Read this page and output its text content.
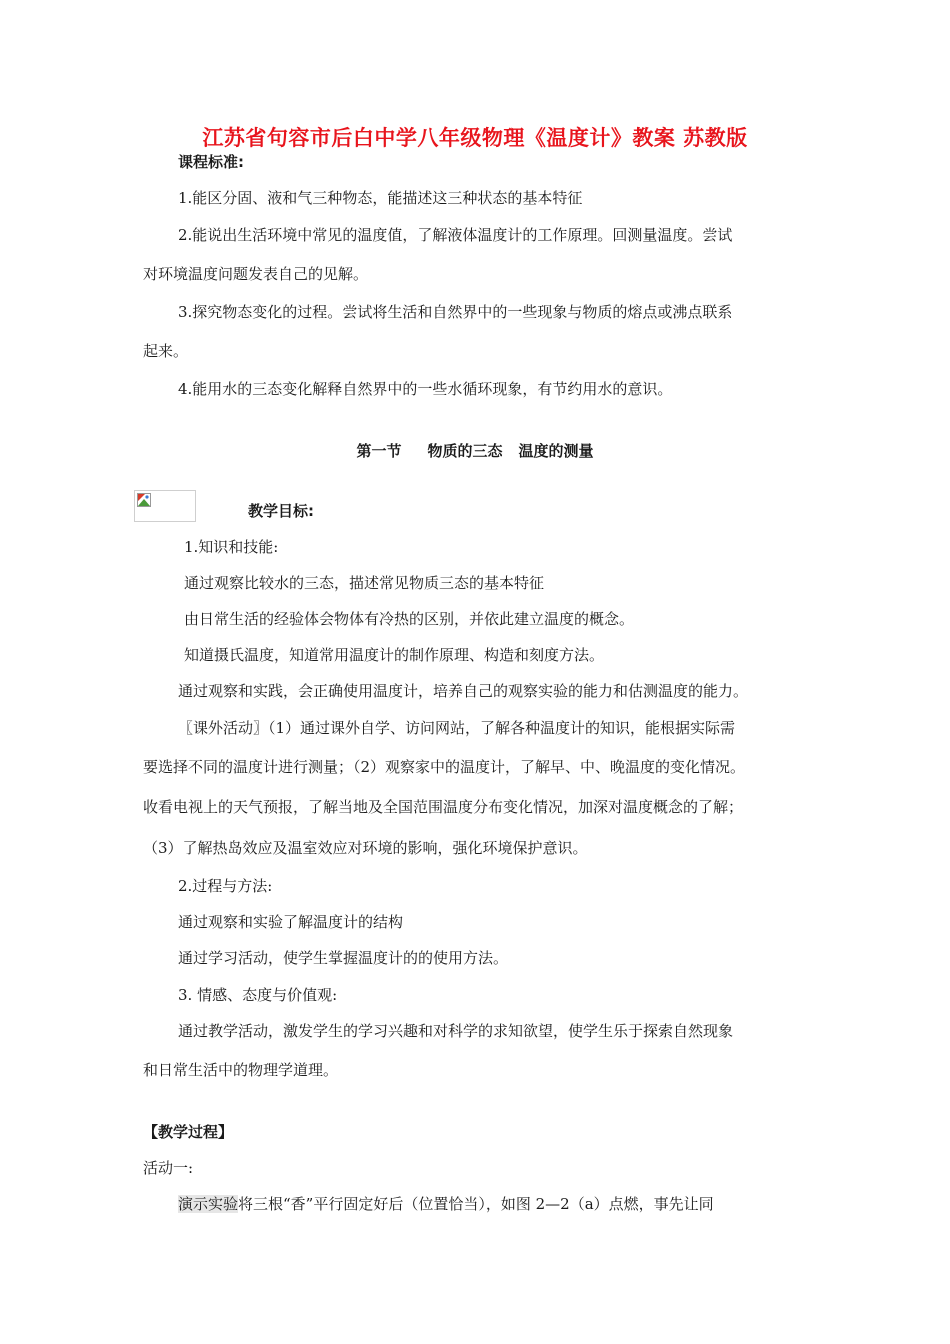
江苏省句容市后白中学八年级物理《温度计》教案 苏教版
课程标准:
1.能区分固、液和气三种物态，能描述这三种状态的基本特征
2.能说出生活环境中常见的温度值，了解液体温度计的工作原理。回测量温度。尝试
对环境温度问题发表自己的见解。
3.探究物态变化的过程。尝试将生活和自然界中的一些现象与物质的熔点或沸点联系
起来。
4.能用水的三态变化解释自然界中的一些水循环现象，有节约用水的意识。
第一节 物质的三态 温度的测量
教学目标:
1.知识和技能:
通过观察比较水的三态，描述常见物质三态的基本特征
由日常生活的经验体会物体有冷热的区别，并依此建立温度的概念。
知道摄氏温度，知道常用温度计的制作原理、构造和刻度方法。
通过观察和实践，会正确使用温度计，培养自己的观察实验的能力和估测温度的能力。
〖课外活动〗（1）通过课外自学、访问网站，了解各种温度计的知识，能根据实际需
要选择不同的温度计进行测量；（2）观察家中的温度计，了解早、中、晚温度的变化情况。
收看电视上的天气预报，了解当地及全国范围温度分布变化情况，加深对温度概念的了解；
（3）了解热岛效应及温室效应对环境的影响，强化环境保护意识。
2.过程与方法:
通过观察和实验了解温度计的结构
通过学习活动，使学生掌握温度计的的使用方法。
3. 情感、态度与价值观:
通过教学活动，激发学生的学习兴趣和对科学的求知欲望，使学生乐于探索自然现象
和日常生活中的物理学道理。
【教学过程】
活动一:
演示实验将三根“香”平行固定好后（位置恰当），如图 2—2（a）点燃，事先让同
